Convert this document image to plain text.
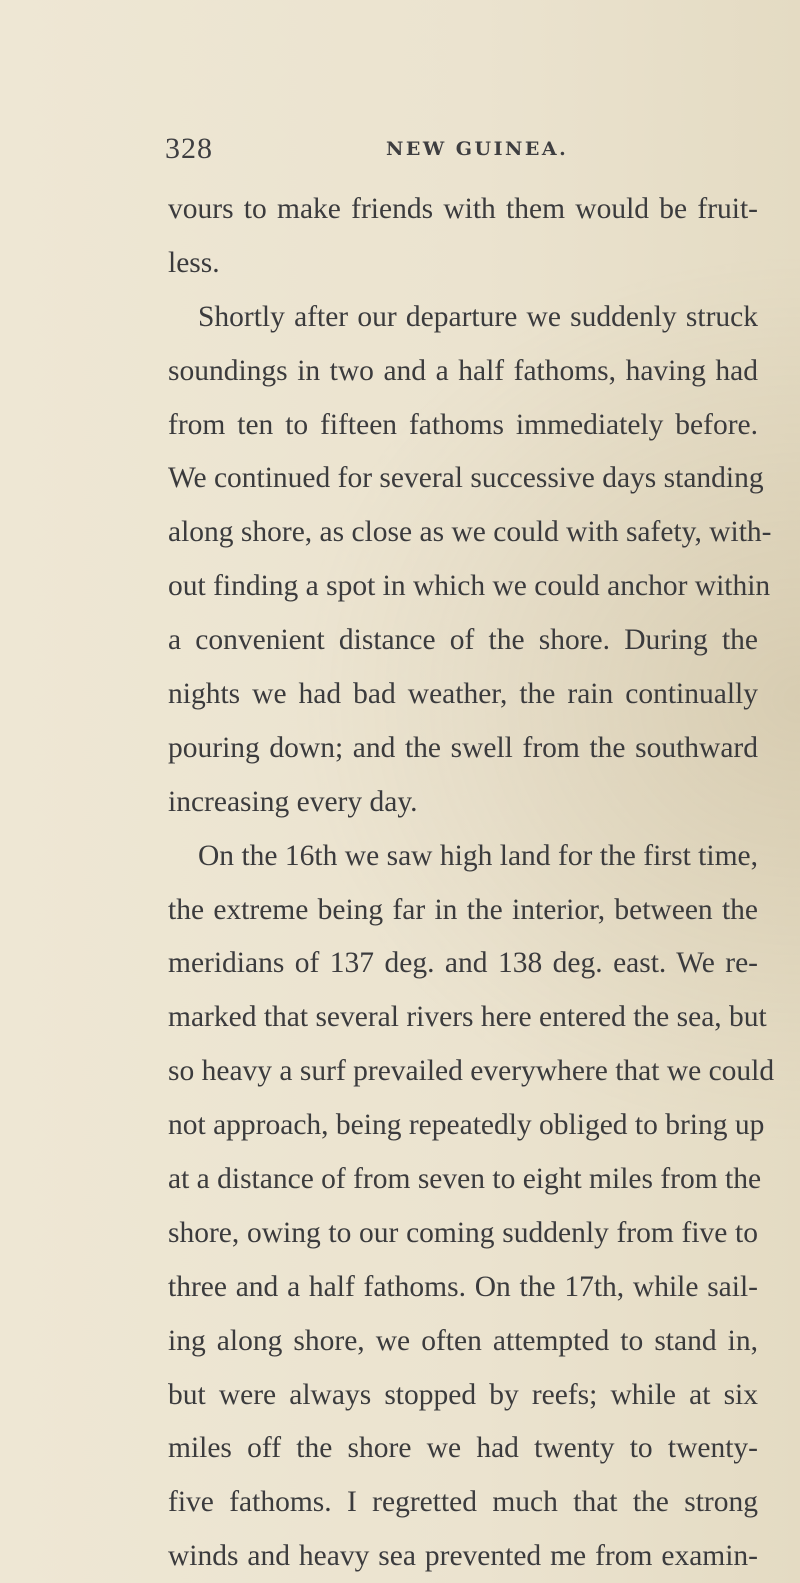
328	NEW GUINEA.
vours to make friends with them would be fruit-
less.
Shortly after our departure we suddenly struck
soundings in two and a half fathoms, having had
from ten to fifteen fathoms immediately before.
We continued for several successive days standing
along shore, as close as we could with safety, with-
out finding a spot in which we could anchor within
a convenient distance of the shore. During the
nights we had bad weather, the rain continually
pouring down; and the swell from the southward
increasing every day.
On the 16th we saw high land for the first time,
the extreme being far in the interior, between the
meridians of 137 deg. and 138 deg. east. We re-
marked that several rivers here entered the sea, but
so heavy a surf prevailed everywhere that we could
not approach, being repeatedly obliged to bring up
at a distance of from seven to eight miles from the
shore, owing to our coming suddenly from five to
three and a half fathoms. On the 17th, while sail-
ing along shore, we often attempted to stand in,
but were always stopped by reefs; while at six
miles off the shore we had twenty to twenty-
five fathoms. I regretted much that the strong
winds and heavy sea prevented me from examin-
